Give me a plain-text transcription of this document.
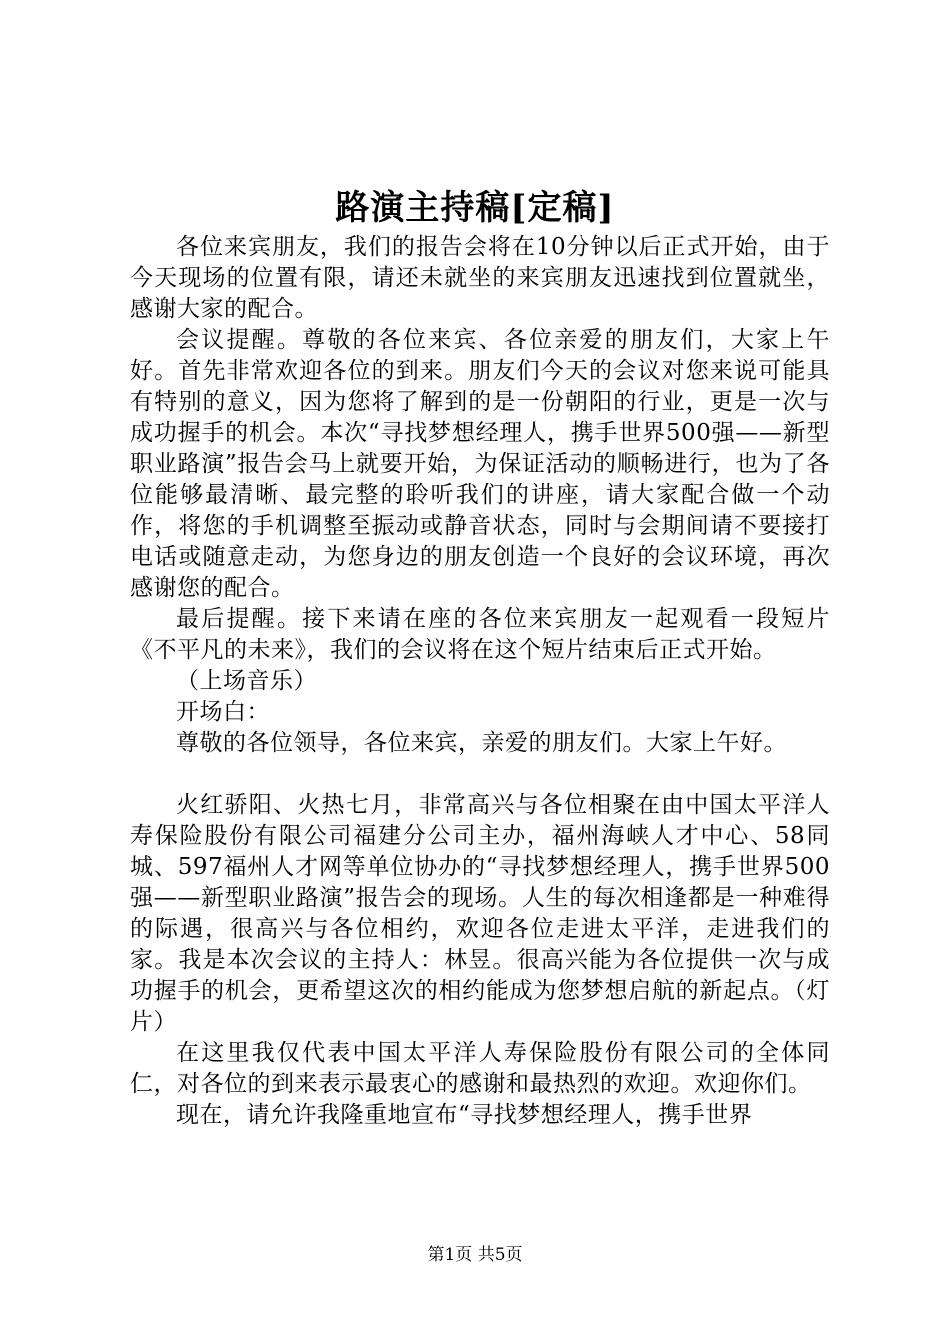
路演主持稿[定稿]

各位来宾朋友，我们的报告会将在10分钟以后正式开始，由于今天现场的位置有限，请还未就坐的来宾朋友迅速找到位置就坐，感谢大家的配合。

会议提醒。尊敬的各位来宾、各位亲爱的朋友们，大家上午好。首先非常欢迎各位的到来。朋友们今天的会议对您来说可能具有特别的意义，因为您将了解到的是一份朝阳的行业，更是一次与成功握手的机会。本次“寻找梦想经理人，携手世界500强——新型职业路演”报告会马上就要开始，为保证活动的顺畅进行，也为了各位能够最清晰、最完整的聆听我们的讲座，请大家配合做一个动作，将您的手机调整至振动或静音状态，同时与会期间请不要接打电话或随意走动，为您身边的朋友创造一个良好的会议环境，再次感谢您的配合。

最后提醒。接下来请在座的各位来宾朋友一起观看一段短片《不平凡的未来》，我们的会议将在这个短片结束后正式开始。

（上场音乐）

开场白：

尊敬的各位领导，各位来宾，亲爱的朋友们。大家上午好。

火红骄阳、火热七月，非常高兴与各位相聚在由中国太平洋人寿保险股份有限公司福建分公司主办，福州海峡人才中心、58同城、597福州人才网等单位协办的“寻找梦想经理人，携手世界500强——新型职业路演”报告会的现场。人生的每次相逢都是一种难得的际遇，很高兴与各位相约，欢迎各位走进太平洋，走进我们的家。我是本次会议的主持人：林昱。很高兴能为各位提供一次与成功握手的机会，更希望这次的相约能成为您梦想启航的新起点。（灯片）

在这里我仅代表中国太平洋人寿保险股份有限公司的全体同仁，对各位的到来表示最衷心的感谢和最热烈的欢迎。欢迎你们。

现在，请允许我隆重地宣布“寻找梦想经理人，携手世界

第1页 共5页
